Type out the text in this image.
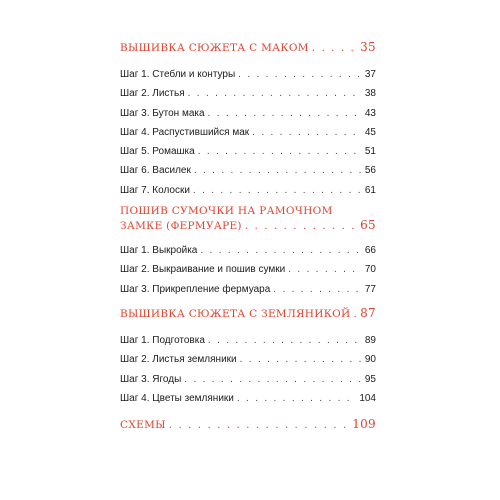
ВЫШИВКА СЮЖЕТА С МАКОМ . . .	35
Шаг 1. Стебли и контуры . . .	37
Шаг 2. Листья . . .	38
Шаг 3. Бутон мака . . .	43
Шаг 4. Распустившийся мак . . .	45
Шаг 5. Ромашка . . .	51
Шаг 6. Василек . . .	56
Шаг 7. Колоски . . .	61
ПОШИВ СУМОЧКИ НА РАМОЧНОМ
ЗАМКЕ (ФЕРМУАРЕ) . . .	65
Шаг 1. Выкройка . . .	66
Шаг 2. Выкраивание и пошив сумки . . .	70
Шаг 3. Прикрепление фермуара . . .	77
ВЫШИВКА СЮЖЕТА С ЗЕМЛЯНИКОЙ . . . 87
Шаг 1. Подготовка . . .	89
Шаг 2. Листья земляники . . .	90
Шаг 3. Ягоды . . .	95
Шаг 4. Цветы земляники . . .	104
СХЕМЫ . . .	109
